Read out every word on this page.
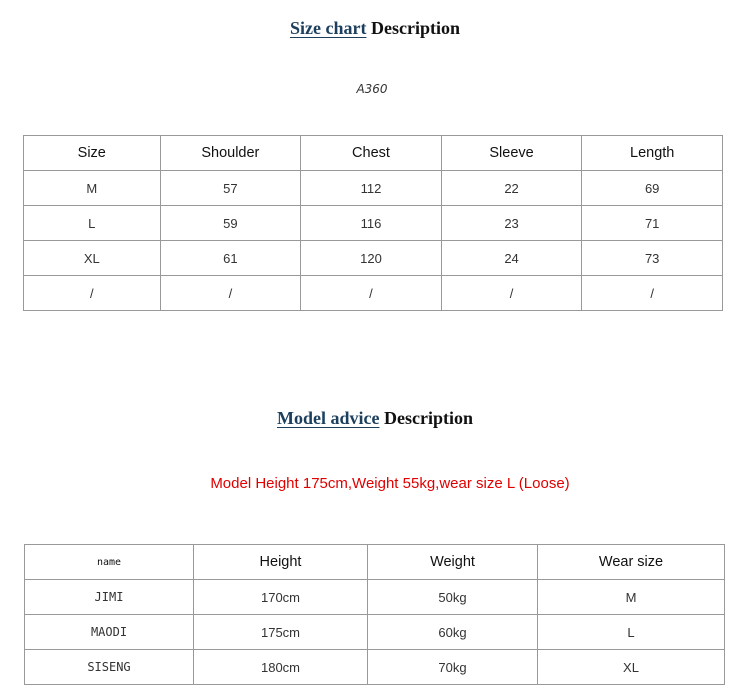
Size chart Description
A360
Size	Shoulder	Chest	Sleeve	Length
M	57	112	22	69
L	59	116	23	71
XL	61	120	24	73
/	/	/	/	/
Model advice Description
Model Height 175cm,Weight 55kg,wear size L (Loose)
name	Height	Weight	Wear size
JIMI	170cm	50kg	M
MAODI	175cm	60kg	L
SISENG	180cm	70kg	XL
